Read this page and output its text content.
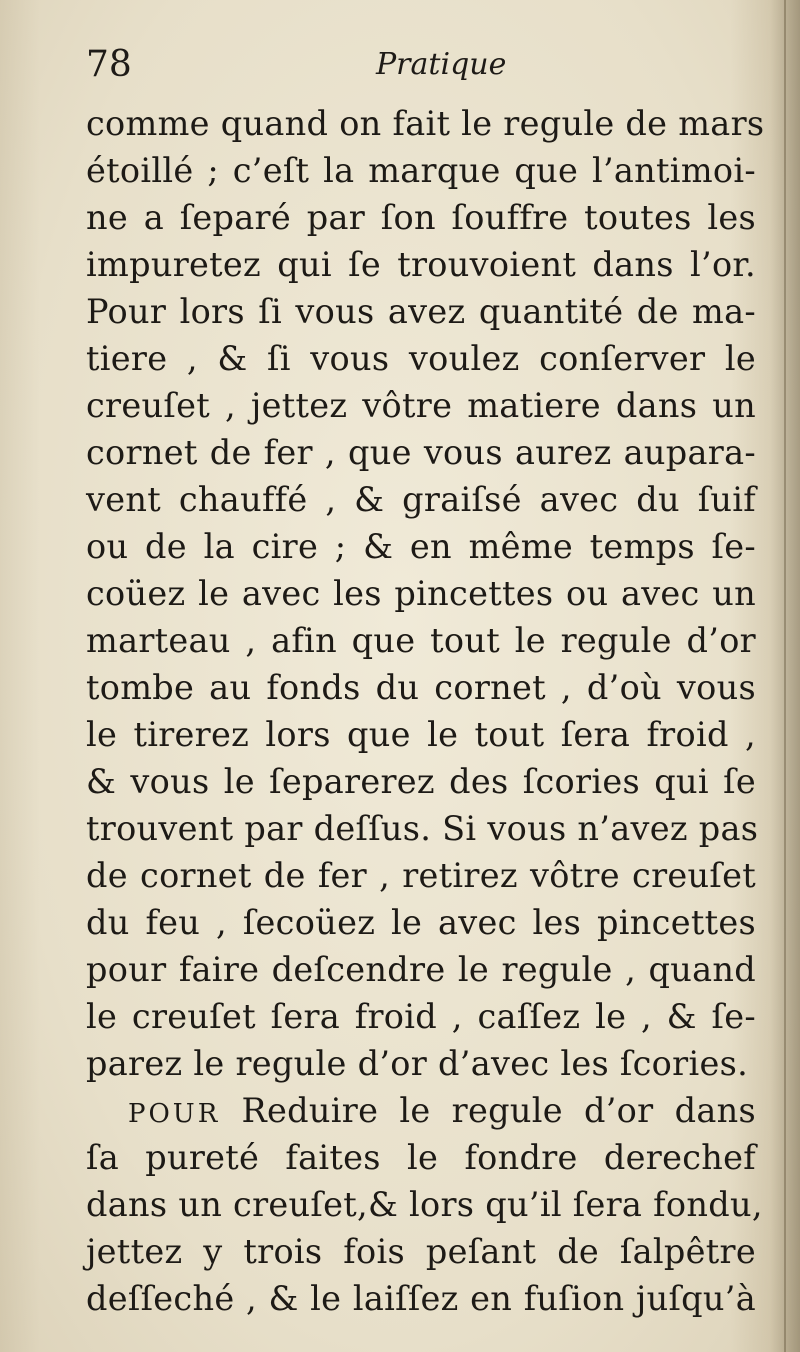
78	Pratique
comme quand on fait le regule de mars
étoillé ; c’eſt la marque que l’antimoi-
ne a ſeparé par ſon ſouffre toutes les
impuretez qui ſe trouvoient dans l’or.
Pour lors ſi vous avez quantité de ma-
tiere , & ſi vous voulez conſerver le
creuſet , jettez vôtre matiere dans un
cornet de fer , que vous aurez aupara-
vent chauffé , & graiſsé avec du ſuif
ou de la cire ; & en même temps ſe-
coüez le avec les pincettes ou avec un
marteau , afin que tout le regule d’or
tombe au fonds du cornet , d’où vous
le tirerez lors que le tout ſera froid ,
& vous le ſeparerez des ſcories qui ſe
trouvent par deſſus. Si vous n’avez pas
de cornet de fer , retirez vôtre creuſet
du feu , ſecoüez le avec les pincettes
pour faire deſcendre le regule , quand
le creuſet ſera froid , caſſez le , & ſe-
parez le regule d’or d’avec les ſcories.
POUR Reduire le regule d’or dans
ſa pureté faites le fondre derechef
dans un creuſet,& lors qu’il ſera fondu,
jettez y trois fois peſant de ſalpêtre
deſſeché , & le laiſſez en fuſion juſqu’à
